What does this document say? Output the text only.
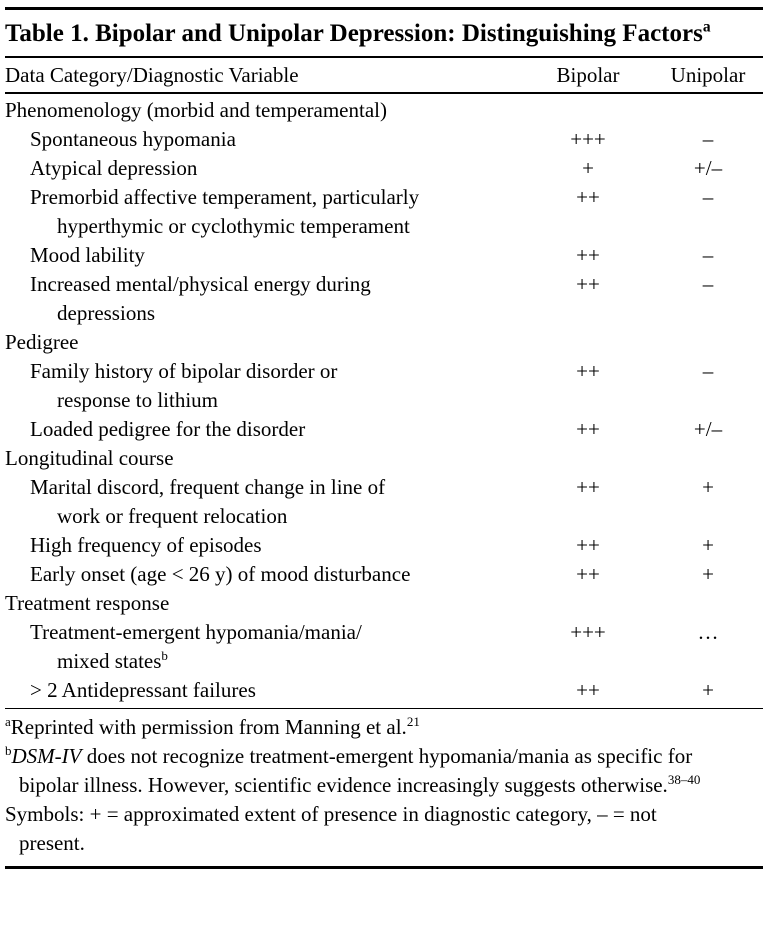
Table 1. Bipolar and Unipolar Depression: Distinguishing Factors$^a$
Data Category/Diagnostic Variable	Bipolar	Unipolar
Phenomenology (morbid and temperamental)
Spontaneous hypomania	+++	–
Atypical depression	+	+/–
Premorbid affective temperament, particularly
hyperthymic or cyclothymic temperament
++	–
Mood lability	++	–
Increased mental/physical energy during
depressions
++	–
Pedigree
Family history of bipolar disorder or
response to lithium
++	–
Loaded pedigree for the disorder	++	+/–
Longitudinal course
Marital discord, frequent change in line of
work or frequent relocation
++	+
High frequency of episodes	++	+
Early onset (age < 26 y) of mood disturbance	++	+
Treatment response
Treatment-emergent hypomania/mania/
mixed states$^b$
+++	…
> 2 Antidepressant failures	++	+
$^a$Reprinted with permission from Manning et al.$^{21}$
$^b$DSM-IV does not recognize treatment-emergent hypomania/mania as specific for bipolar illness. However, scientific evidence increasingly suggests otherwise.$^{38-40}$
Symbols: + = approximated extent of presence in diagnostic category, – = not present.
